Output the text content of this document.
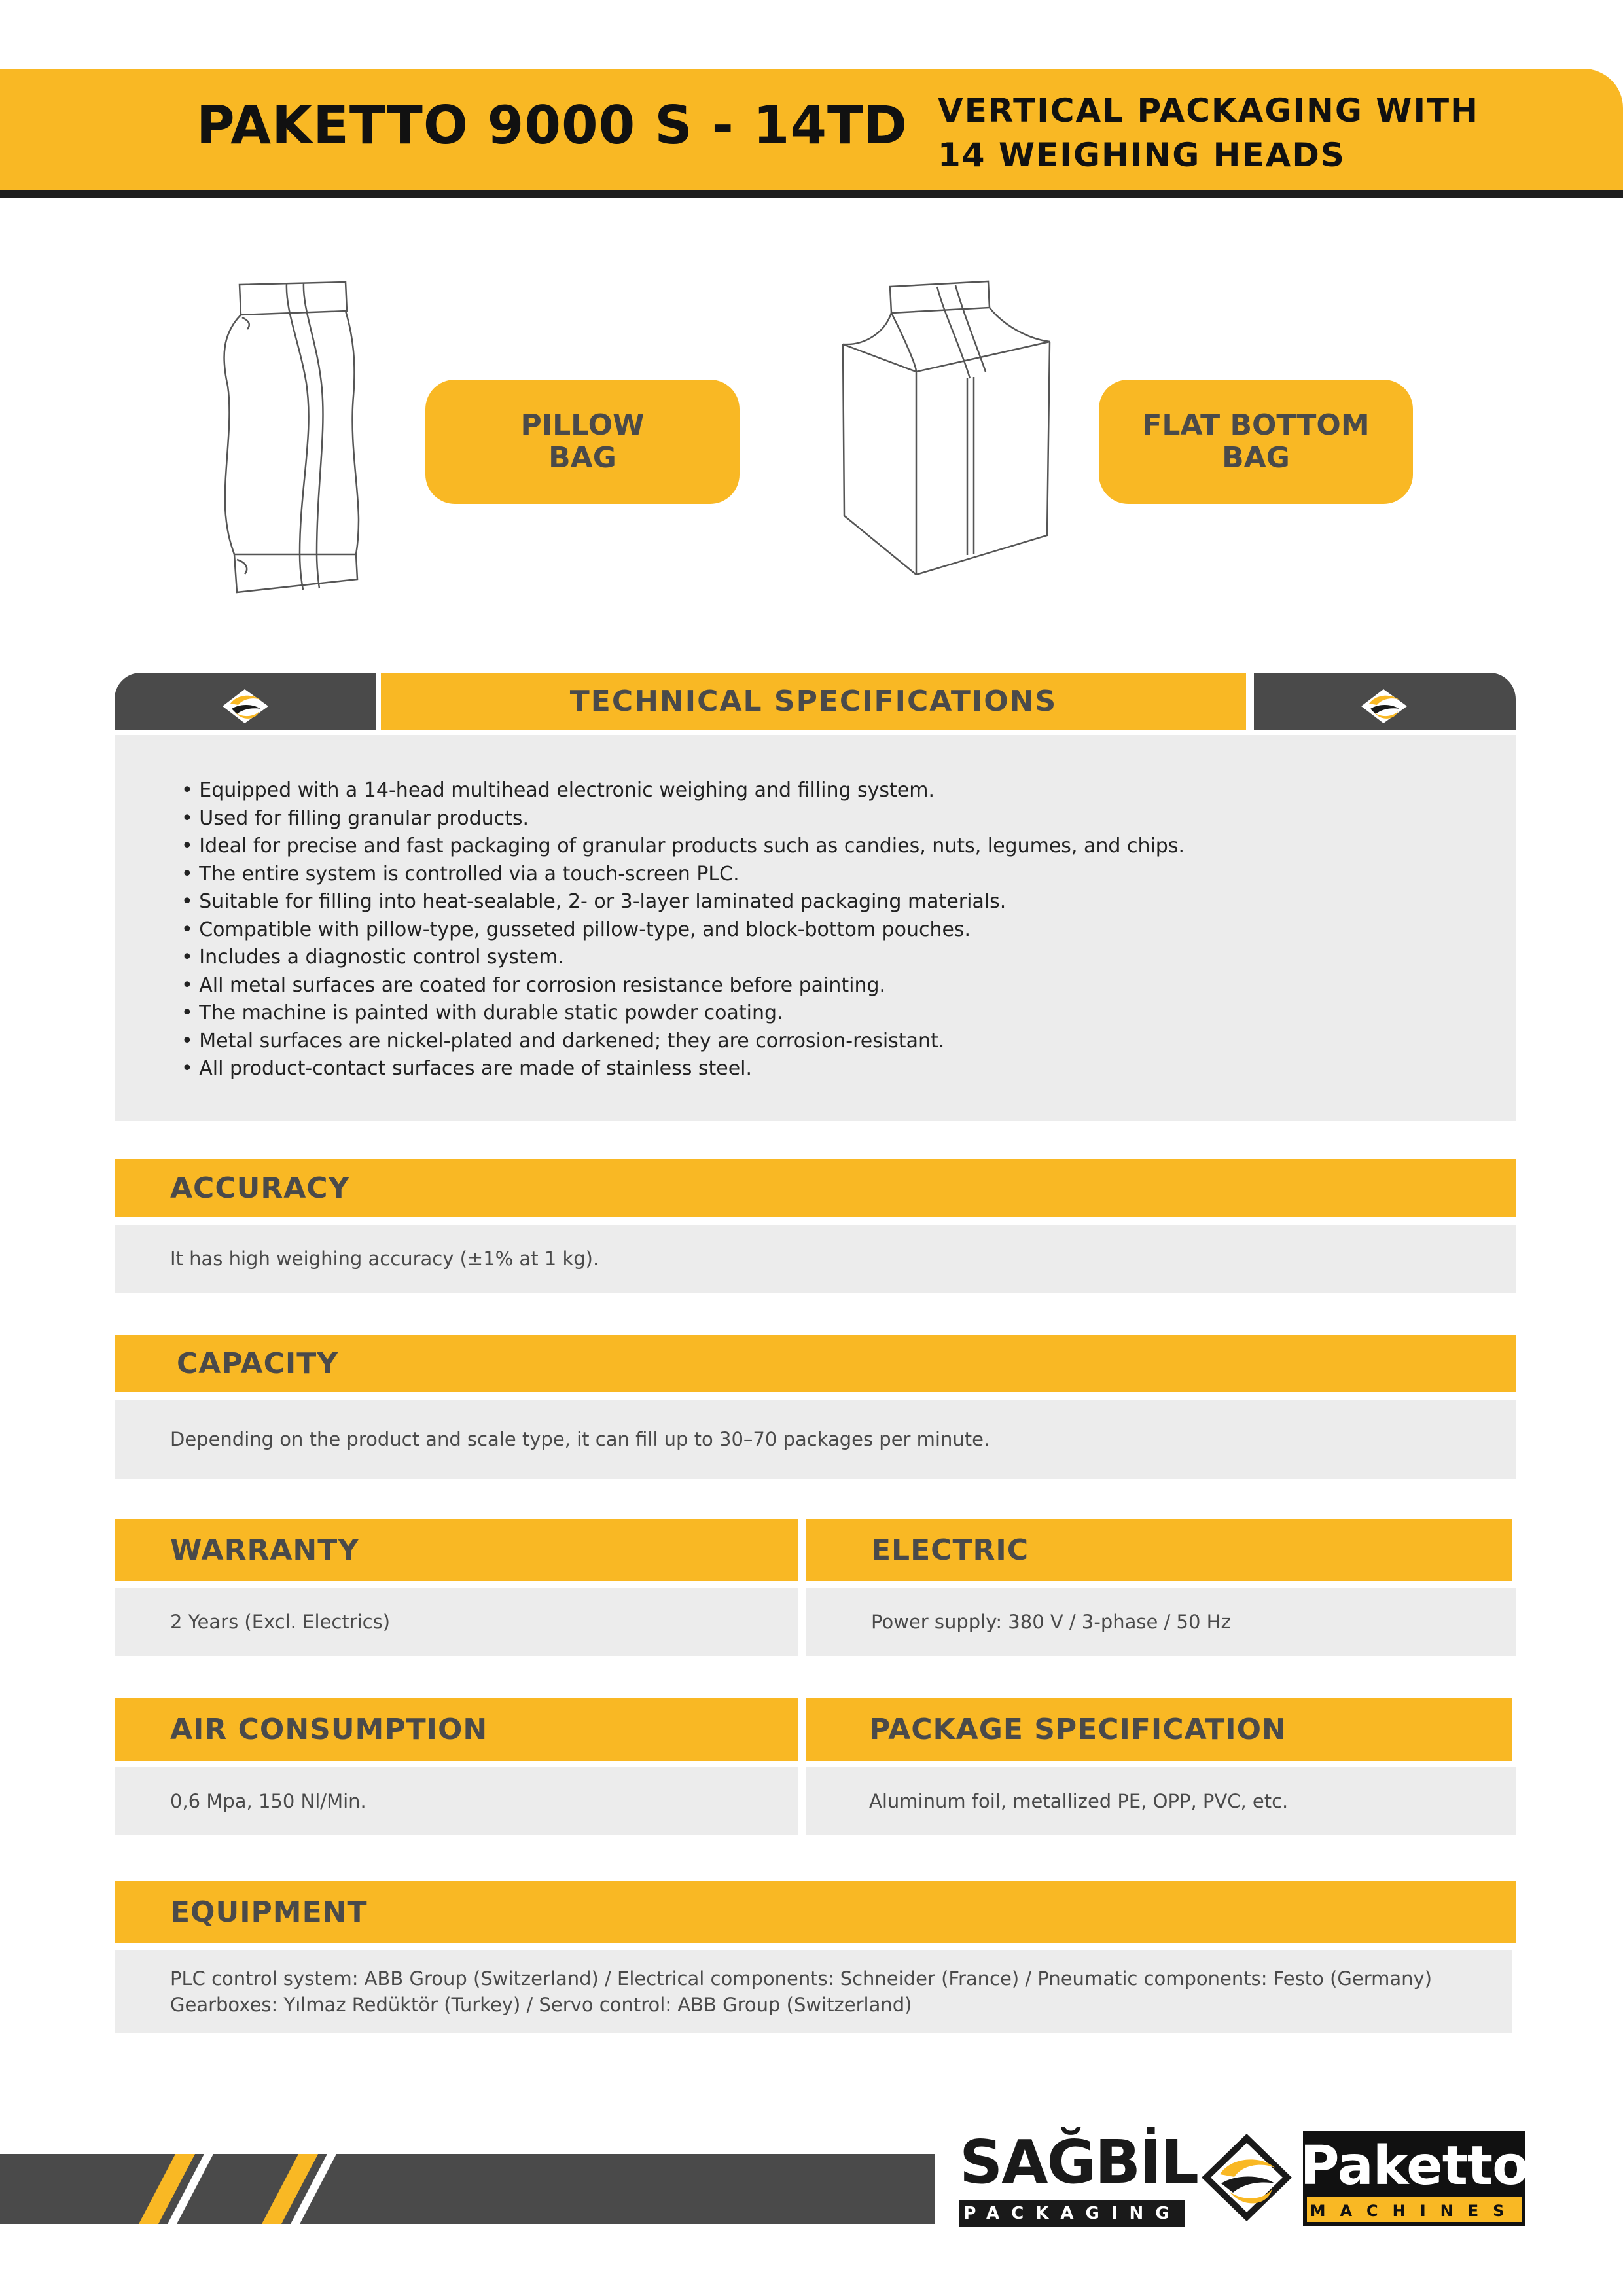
PAKETTO 9000 S - 14TD VERTICAL PACKAGING WITH
14 WEIGHING HEADS
PILLOW
BAG
FLAT BOTTOM
BAG
TECHNICAL SPECIFICATIONS
• Equipped with a 14-head multihead electronic weighing and filling system.
• Used for filling granular products.
• Ideal for precise and fast packaging of granular products such as candies, nuts, legumes, and chips.
• The entire system is controlled via a touch-screen PLC.
• Suitable for filling into heat-sealable, 2- or 3-layer laminated packaging materials.
• Compatible with pillow-type, gusseted pillow-type, and block-bottom pouches.
• Includes a diagnostic control system.
• All metal surfaces are coated for corrosion resistance before painting.
• The machine is painted with durable static powder coating.
• Metal surfaces are nickel-plated and darkened; they are corrosion-resistant.
• All product-contact surfaces are made of stainless steel.
ACCURACY
It has high weighing accuracy (±1% at 1 kg).
CAPACITY
Depending on the product and scale type, it can fill up to 30–70 packages per minute.
WARRANTY
2 Years (Excl. Electrics)
ELECTRIC
Power supply: 380 V / 3-phase / 50 Hz
AIR CONSUMPTION
0,6 Mpa, 150 Nl/Min.
PACKAGE SPECIFICATION
Aluminum foil, metallized PE, OPP, PVC, etc.
EQUIPMENT
PLC control system: ABB Group (Switzerland) / Electrical components: Schneider (France) / Pneumatic components: Festo (Germany) Gearboxes: Yılmaz Redüktör (Turkey) / Servo control: ABB Group (Switzerland)
SAĞBİL
PACKAGING
Paketto
MACHINES
